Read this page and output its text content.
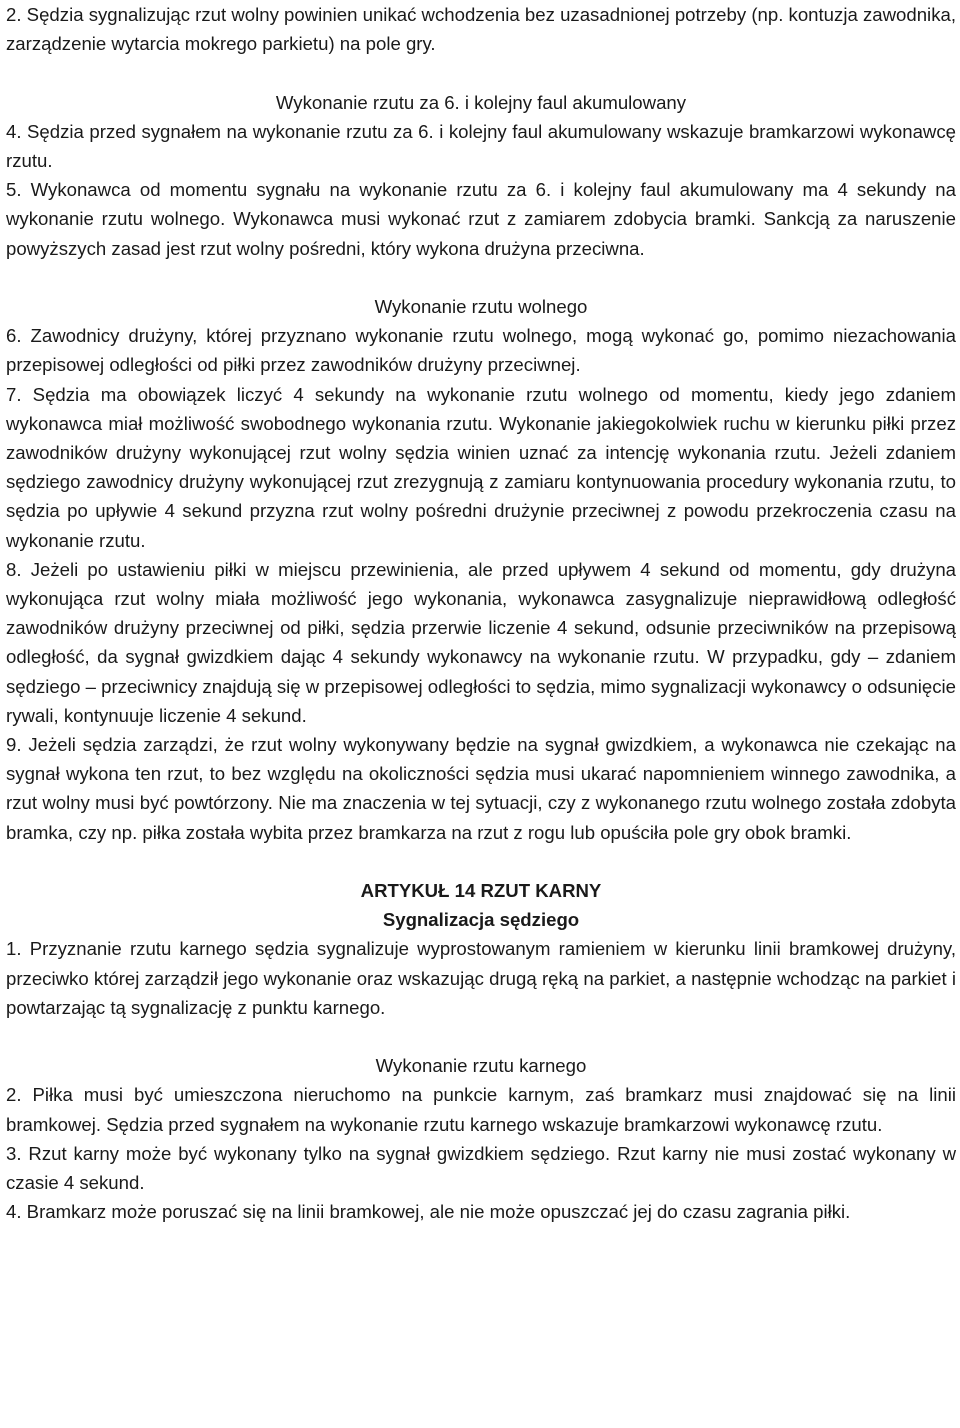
2. Sędzia sygnalizując rzut wolny powinien unikać wchodzenia bez uzasadnionej potrzeby (np. kontuzja zawodnika, zarządzenie wytarcia mokrego parkietu) na pole gry.

Wykonanie rzutu za 6. i kolejny faul akumulowany

4. Sędzia przed sygnałem na wykonanie rzutu za 6. i kolejny faul akumulowany wskazuje bramkarzowi wykonawcę rzutu.

5. Wykonawca od momentu sygnału na wykonanie rzutu za 6. i kolejny faul akumulowany ma 4 sekundy na wykonanie rzutu wolnego. Wykonawca musi wykonać rzut z zamiarem zdobycia bramki. Sankcją za naruszenie powyższych zasad jest rzut wolny pośredni, który wykona drużyna przeciwna.

Wykonanie rzutu wolnego

6. Zawodnicy drużyny, której przyznano wykonanie rzutu wolnego, mogą wykonać go, pomimo niezachowania przepisowej odległości od piłki przez zawodników drużyny przeciwnej.

7. Sędzia ma obowiązek liczyć 4 sekundy na wykonanie rzutu wolnego od momentu, kiedy jego zdaniem wykonawca miał możliwość swobodnego wykonania rzutu. Wykonanie jakiegokolwiek ruchu w kierunku piłki przez zawodników drużyny wykonującej rzut wolny sędzia winien uznać za intencję wykonania rzutu. Jeżeli zdaniem sędziego zawodnicy drużyny wykonującej rzut zrezygnują z zamiaru kontynuowania procedury wykonania rzutu, to sędzia po upływie 4 sekund przyzna rzut wolny pośredni drużynie przeciwnej z powodu przekroczenia czasu na wykonanie rzutu.

8. Jeżeli po ustawieniu piłki w miejscu przewinienia, ale przed upływem 4 sekund od momentu, gdy drużyna wykonująca rzut wolny miała możliwość jego wykonania, wykonawca zasygnalizuje nieprawidłową odległość zawodników drużyny przeciwnej od piłki, sędzia przerwie liczenie 4 sekund, odsunie przeciwników na przepisową odległość, da sygnał gwizdkiem dając 4 sekundy wykonawcy na wykonanie rzutu. W przypadku, gdy – zdaniem sędziego – przeciwnicy znajdują się w przepisowej odległości to sędzia, mimo sygnalizacji wykonawcy o odsunięcie rywali, kontynuuje liczenie 4 sekund.

9. Jeżeli sędzia zarządzi, że rzut wolny wykonywany będzie na sygnał gwizdkiem, a wykonawca nie czekając na sygnał wykona ten rzut, to bez względu na okoliczności sędzia musi ukarać napomnieniem winnego zawodnika, a rzut wolny musi być powtórzony. Nie ma znaczenia w tej sytuacji, czy z wykonanego rzutu wolnego została zdobyta bramka, czy np. piłka została wybita przez bramkarza na rzut z rogu lub opuściła pole gry obok bramki.

ARTYKUŁ 14 RZUT KARNY
Sygnalizacja sędziego

1. Przyznanie rzutu karnego sędzia sygnalizuje wyprostowanym ramieniem w kierunku linii bramkowej drużyny, przeciwko której zarządził jego wykonanie oraz wskazując drugą ręką na parkiet, a następnie wchodząc na parkiet i powtarzając tą sygnalizację z punktu karnego.

Wykonanie rzutu karnego

2. Piłka musi być umieszczona nieruchomo na punkcie karnym, zaś bramkarz musi znajdować się na linii bramkowej. Sędzia przed sygnałem na wykonanie rzutu karnego wskazuje bramkarzowi wykonawcę rzutu.

3. Rzut karny może być wykonany tylko na sygnał gwizdkiem sędziego. Rzut karny nie musi zostać wykonany w czasie 4 sekund.

4. Bramkarz może poruszać się na linii bramkowej, ale nie może opuszczać jej do czasu zagrania piłki.
